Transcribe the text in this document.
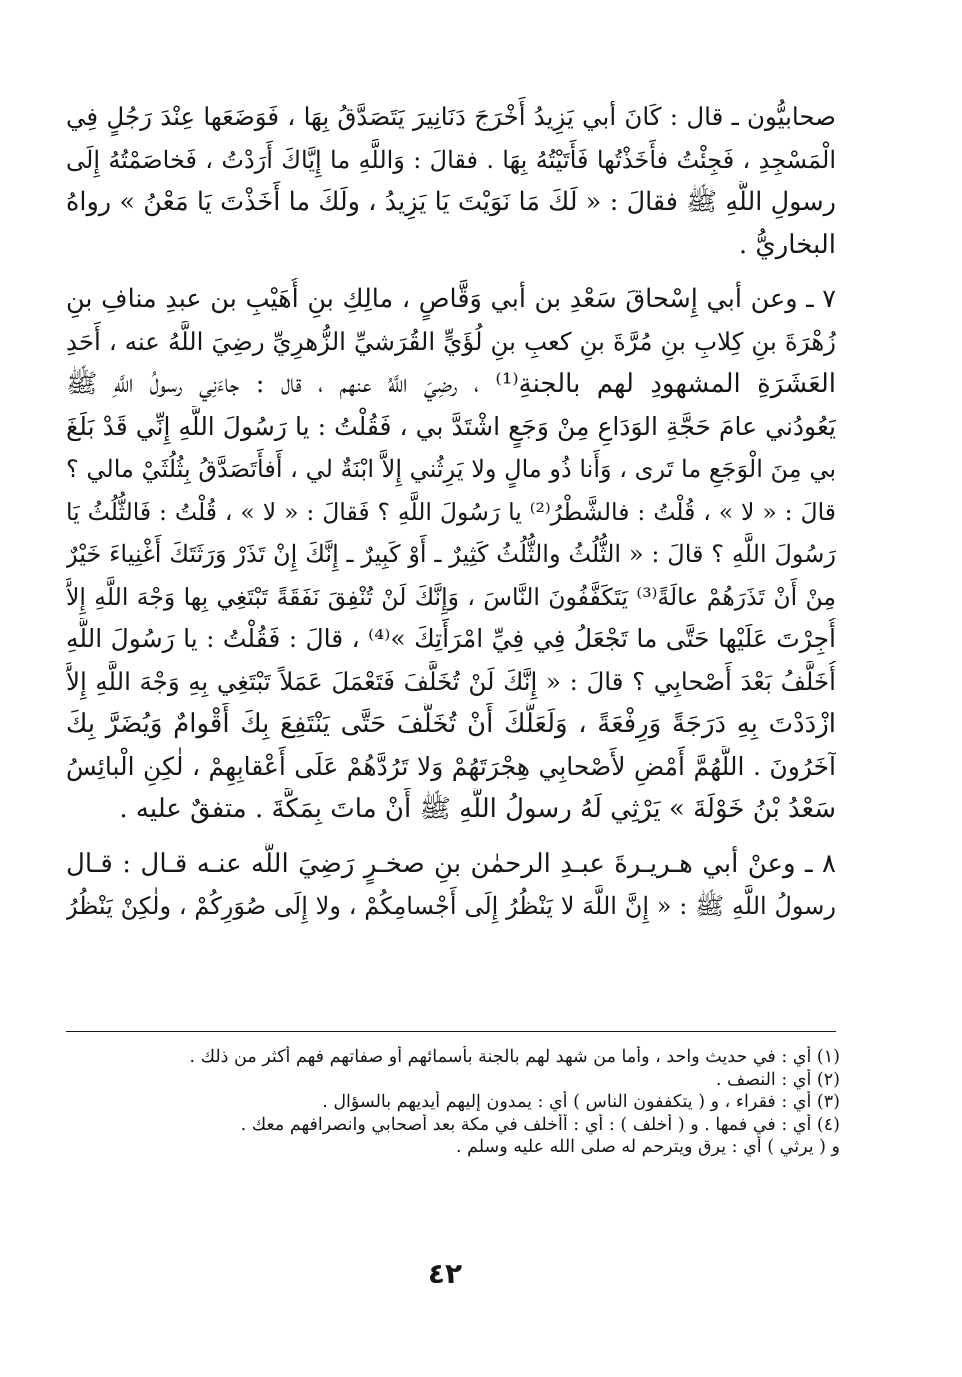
صحابيُّون ـ قال : كَانَ أبي يَزِيدُ أَخْرَجَ دَنَانِيرَ يَتَصَدَّقُ بِهَا ، فَوَضَعَها عِنْدَ رَجُلٍ فِي
الْمَسْجِدِ ، فَجِئْتُ فأَخَذْتُها فَأَتَيْتُهُ بِهَا . فقالَ : وَاللَّهِ ما إِيَّاكَ أَرَدْتُ ، فَخاصَمْتُهُ إِلَى
رسولِ اللَّهِ ﷺ فقالَ : « لَكَ مَا نَوَيْتَ يَا يَزِيدُ ، ولَكَ ما أَخَذْتَ يَا مَعْنُ » رواهُ
البخاريُّ .
٧ ـ وعن أبي إِسْحاقَ سَعْدِ بن أبي وَقَّاصٍ ، مالِكِ بنِ أُهَيْبِ بن عبدِ منافِ بنِ
زُهْرَةَ بنِ كِلابِ بنِ مُرَّةَ بنِ كعبِ بنِ لُؤَيٍّ القُرَشيِّ الزُّهرِيِّ رضِيَ اللَّهُ عنه ، أَحَدِ
العَشَرَةِ المشهودِ لهم بالجنةِ⁽¹⁾ ، رضِيَ اللَّهُ عنهم ، قال : جاءَنِي رسولُ اللَّهِ ﷺ
يَعُودُني عامَ حَجَّةِ الوَدَاعِ مِنْ وَجَعٍ اشْتَدَّ بي ، فَقُلْتُ : يا رَسُولَ اللَّهِ إِنِّي قَدْ بَلَغَ
بي مِنَ الْوَجَعِ ما تَرى ، وَأَنا ذُو مالٍ ولا يَرِثُني إِلاَّ ابْنَةٌ لي ، أَفأَتَصَدَّقُ بِثُلُثَيْ مالي ؟
قالَ : « لا » ، قُلْتُ : فالشَّطْرُ⁽²⁾ يا رَسُولَ اللَّهِ ؟ فَقالَ : « لا » ، قُلْتُ : فَالثُّلُثُ يَا
رَسُولَ اللَّهِ ؟ قالَ : « الثُّلُثُ والثُّلُثُ كَثِيرٌ ـ أَوْ كَبِيرٌ ـ إِنَّكَ إِنْ تَذَرْ وَرَثَتَكَ أَغْنِياءَ خَيْرٌ
مِنْ أَنْ تَذَرَهُمْ عالَةً⁽³⁾ يَتَكَفَّفُونَ النَّاسَ ، وَإِنَّكَ لَنْ تُنْفِقَ نَفَقَةً تَبْتَغِي بِها وَجْهَ اللَّهِ إِلاَّ
أُجِرْتَ عَلَيْها حَتَّى ما تَجْعَلُ فِي فِيِّ امْرَأَتِكَ »⁽⁴⁾ ، قالَ : فَقُلْتُ : يا رَسُولَ اللَّهِ
أُخَلَّفُ بَعْدَ أَصْحابِي ؟ قالَ : « إِنَّكَ لَنْ تُخَلَّفَ فَتَعْمَلَ عَمَلاً تَبْتَغِي بِهِ وَجْهَ اللَّهِ إِلاَّ
ازْدَدْتَ بِهِ دَرَجَةً وَرِفْعَةً ، وَلَعَلَّكَ أَنْ تُخَلَّفَ حَتَّى يَنْتَفِعَ بِكَ أَقْوامٌ وَيُضَرَّ بِكَ
آخَرُونَ . اللَّهُمَّ أَمْضِ لأَصْحابِي هِجْرَتَهُمْ وَلا تَرُدَّهُمْ عَلَى أَعْقابِهِمْ ، لٰكِنِ الْبائِسُ
سَعْدُ بْنُ خَوْلَةَ » يَرْثِي لَهُ رسولُ اللَّهِ ﷺ أَنْ ماتَ بِمَكَّةَ . متفقٌ عليه .
٨ ـ وعنْ أبي هـريـرةَ عبـدِ الرحمٰن بنِ صخـرٍ رَضِيَ اللَّه عنـه قـال : قـال
رسولُ اللَّهِ ﷺ : « إِنَّ اللَّهَ لا يَنْظُرُ إِلَى أَجْسامِكُمْ ، ولا إِلَى صُوَرِكُمْ ، ولٰكِنْ يَنْظُرُ
(١) أي : في حديث واحد ، وأما من شهد لهم بالجنة بأسمائهم أو صفاتهم فهم أكثر من ذلك .
(٢) أي : النصف .
(٣) أي : فقراء ، و ( يتكففون الناس ) أي : يمدون إليهم أيديهم بالسؤال .
(٤) أي : في فمها . و ( أخلف ) : أي : أأخلف في مكة بعد أصحابي وانصرافهم معك .
و ( يرثي ) أي : يرق ويترحم له صلى الله عليه وسلم .
٤٢
